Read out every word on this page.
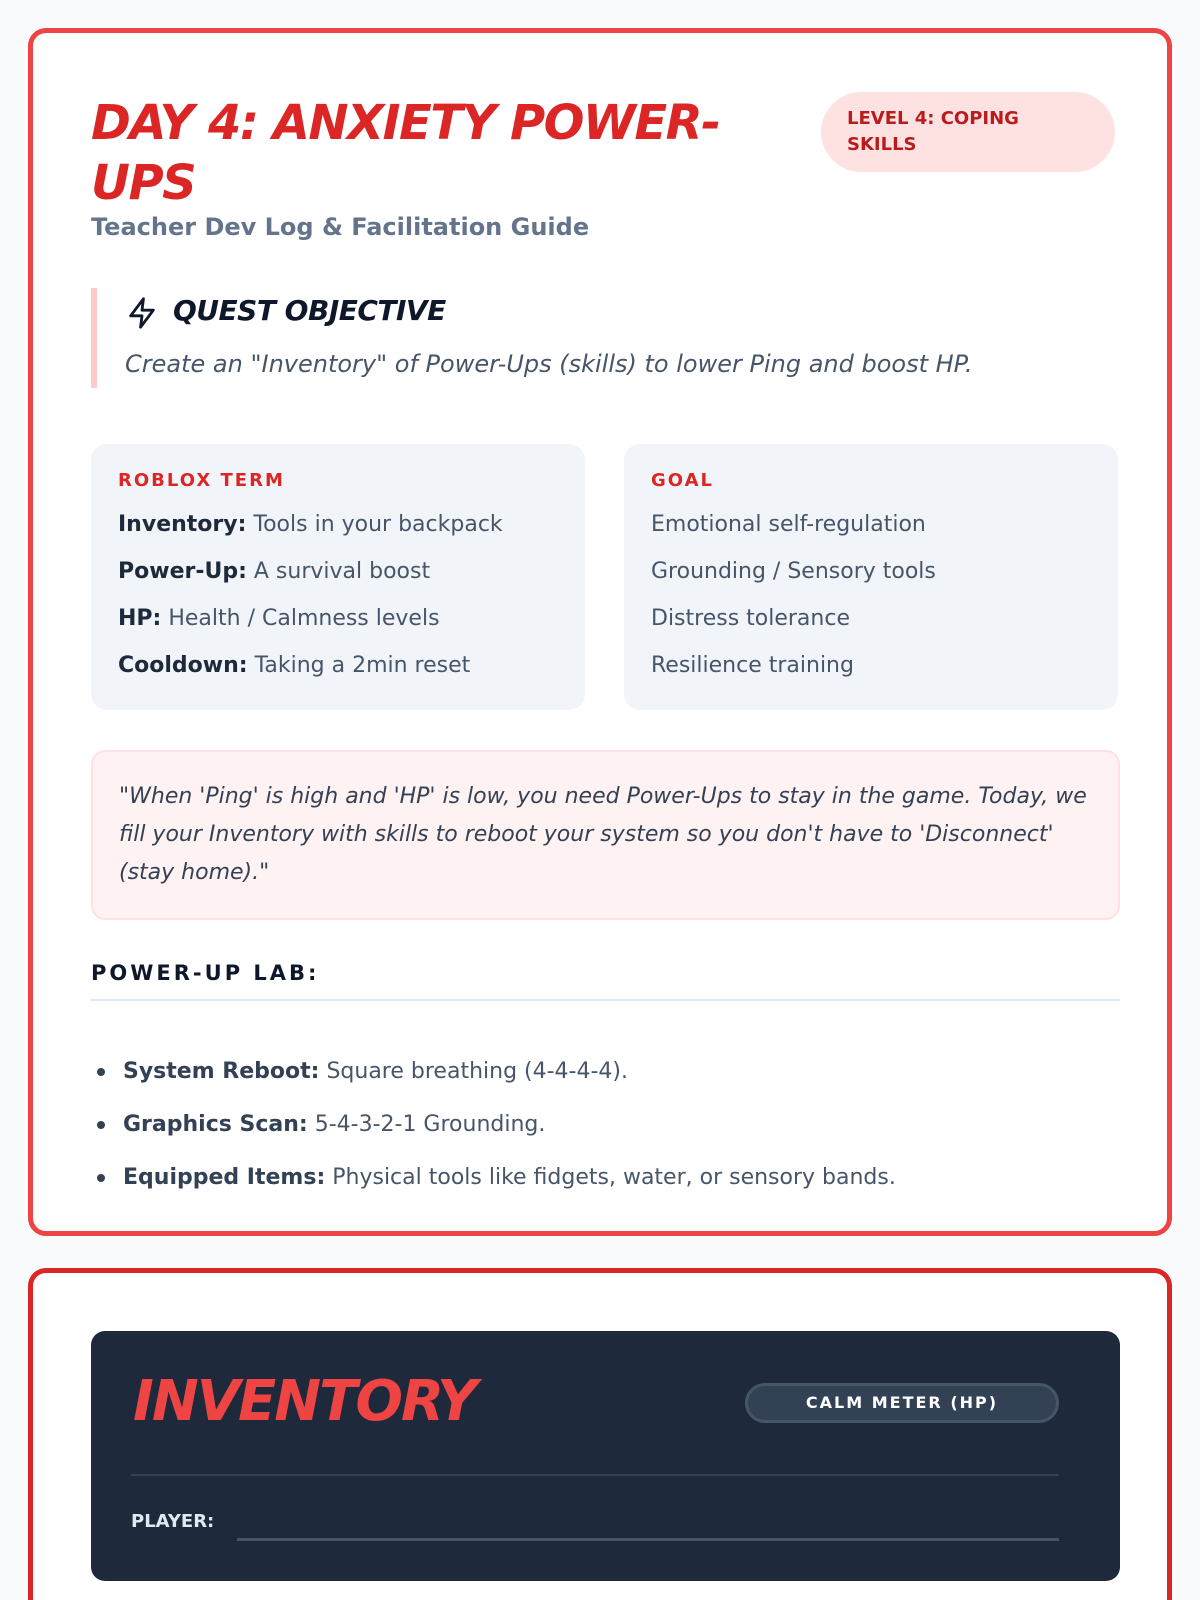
DAY 4: ANXIETY POWER-UPS
LEVEL 4: COPING SKILLS
Teacher Dev Log & Facilitation Guide
QUEST OBJECTIVE
Create an "Inventory" of Power-Ups (skills) to lower Ping and boost HP.
ROBLOX TERM
Inventory: Tools in your backpack
Power-Up: A survival boost
HP: Health / Calmness levels
Cooldown: Taking a 2min reset
GOAL
Emotional self-regulation
Grounding / Sensory tools
Distress tolerance
Resilience training
"When 'Ping' is high and 'HP' is low, you need Power-Ups to stay in the game. Today, we fill your Inventory with skills to reboot your system so you don't have to 'Disconnect' (stay home)."
POWER-UP LAB:
System Reboot: Square breathing (4-4-4-4).
Graphics Scan: 5-4-3-2-1 Grounding.
Equipped Items: Physical tools like fidgets, water, or sensory bands.
INVENTORY	CALM METER (HP)
PLAYER:
